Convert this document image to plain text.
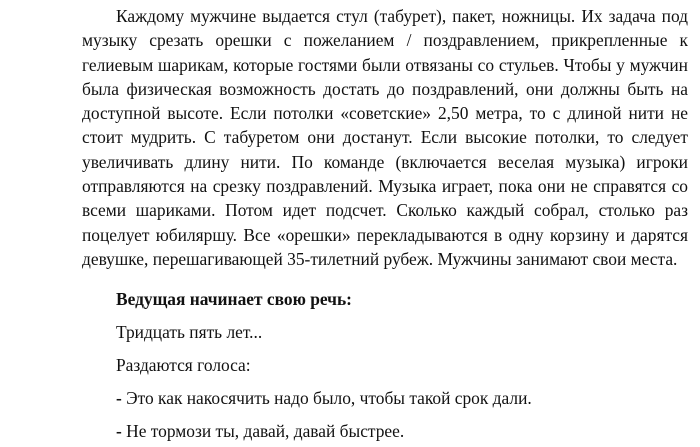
Каждому мужчине выдается стул (табурет), пакет, ножницы. Их задача под музыку срезать орешки с пожеланием / поздравлением, прикрепленные к гелиевым шарикам, которые гостями были отвязаны со стульев. Чтобы у мужчин была физическая возможность достать до поздравлений, они должны быть на доступной высоте. Если потолки «советские» 2,50 метра, то с длиной нити не стоит мудрить. С табуретом они достанут. Если высокие потолки, то следует увеличивать длину нити. По команде (включается веселая музыка) игроки отправляются на срезку поздравлений. Музыка играет, пока они не справятся со всеми шариками. Потом идет подсчет. Сколько каждый собрал, столько раз поцелует юбиляршу. Все «орешки» перекладываются в одну корзину и дарятся девушке, перешагивающей 35-тилетний рубеж. Мужчины занимают свои места.

Ведущая начинает свою речь:

Тридцать пять лет...

Раздаются голоса:

- Это как накосячить надо было, чтобы такой срок дали.

- Не тормози ты, давай, давай быстрее.
